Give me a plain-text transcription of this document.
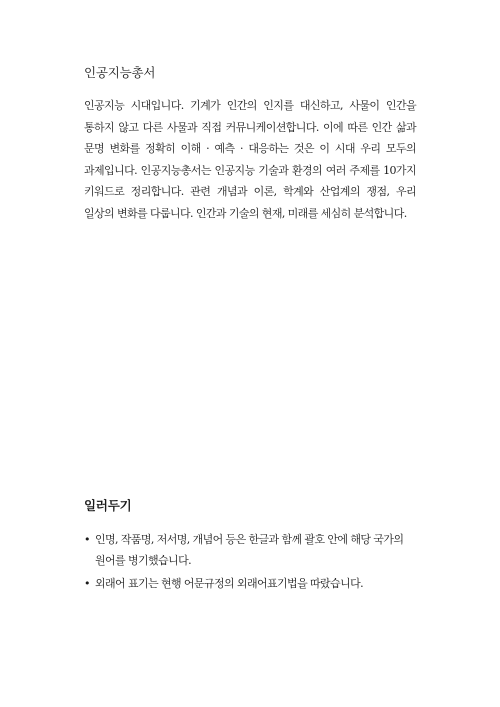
인공지능총서

인공지능 시대입니다. 기계가 인간의 인지를 대신하고, 사물이 인간을 통하지 않고 다른 사물과 직접 커뮤니케이션합니다. 이에 따른 인간 삶과 문명 변화를 정확히 이해 · 예측 · 대응하는 것은 이 시대 우리 모두의 과제입니다. 인공지능총서는 인공지능 기술과 환경의 여러 주제를 10가지 키워드로 정리합니다. 관련 개념과 이론, 학계와 산업계의 쟁점, 우리 일상의 변화를 다룹니다. 인간과 기술의 현재, 미래를 세심히 분석합니다.

일러두기
• 인명, 작품명, 저서명, 개념어 등은 한글과 함께 괄호 안에 해당 국가의 원어를 병기했습니다.
• 외래어 표기는 현행 어문규정의 외래어표기법을 따랐습니다.
